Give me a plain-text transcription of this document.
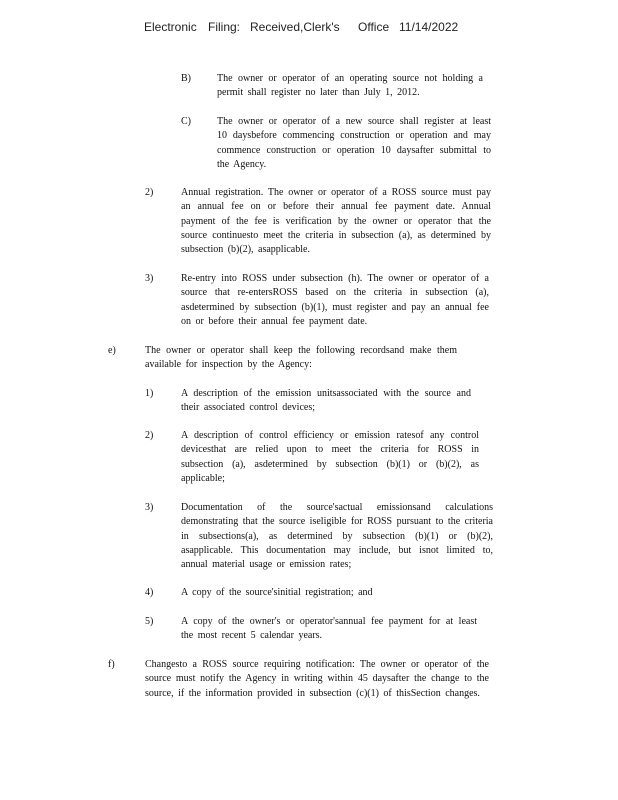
Electronic Filing: Received,Clerk's Office 11/14/2022
B)	The owner or operator of an operating source not holding a permit shall register no later than July 1, 2012.
C)	The owner or operator of a new source shall register at least 10 daysbefore commencing construction or operation and may commence construction or operation 10 daysafter submittal to the Agency.
2)	Annual registration. The owner or operator of a ROSS source must pay an annual fee on or before their annual fee payment date. Annual payment of the fee is verification by the owner or operator that the source continuesto meet the criteria in subsection (a), as determined by subsection (b)(2), asapplicable.
3)	Re-entry into ROSS under subsection (h). The owner or operator of a source that re-entersROSS based on the criteria in subsection (a), asdetermined by subsection (b)(1), must register and pay an annual fee on or before their annual fee payment date.
e)	The owner or operator shall keep the following recordsand make them available for inspection by the Agency:
1)	A description of the emission unitsassociated with the source and their associated control devices;
2)	A description of control efficiency or emission ratesof any control devicesthat are relied upon to meet the criteria for ROSS in subsection (a), asdetermined by subsection (b)(1) or (b)(2), as applicable;
3)	Documentation of the source'sactual emissionsand calculations demonstrating that the source iseligible for ROSS pursuant to the criteria in subsections(a), as determined by subsection (b)(1) or (b)(2), asapplicable. This documentation may include, but isnot limited to, annual material usage or emission rates;
4)	A copy of the source'sinitial registration; and
5)	A copy of the owner's or operator'sannual fee payment for at least the most recent 5 calendar years.
f)	Changesto a ROSS source requiring notification: The owner or operator of the source must notify the Agency in writing within 45 daysafter the change to the source, if the information provided in subsection (c)(1) of thisSection changes.
